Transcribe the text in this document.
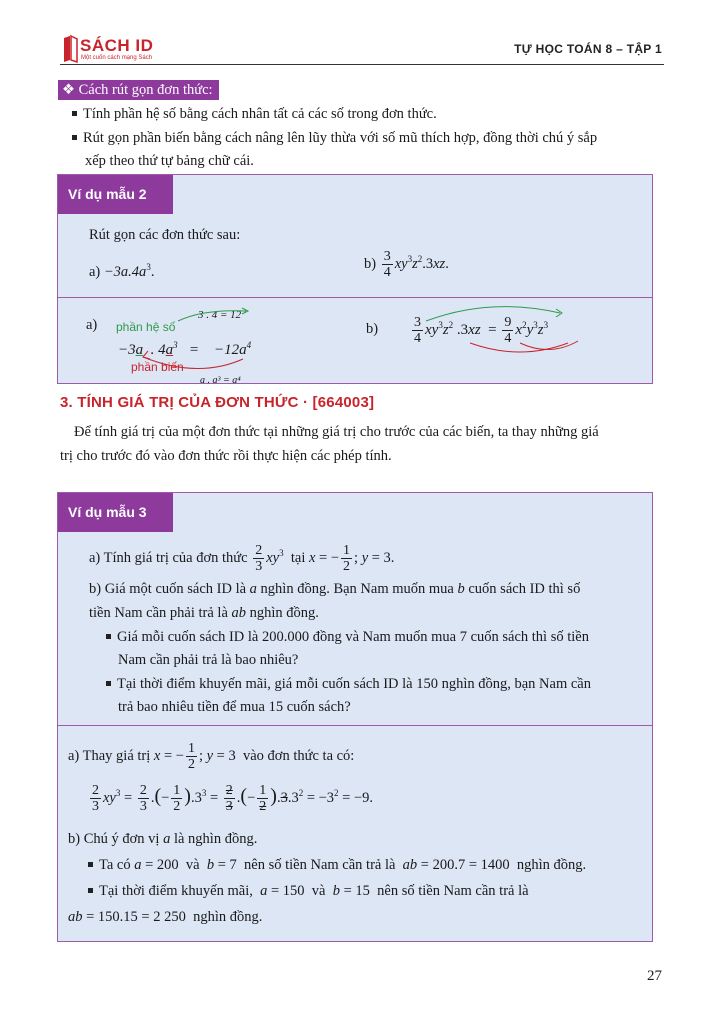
SÁCH ID
Một cuốn cách mạng Sách
TỰ HỌC TOÁN 8 – TẬP 1
❖ Cách rút gọn đơn thức:
Tính phần hệ số bằng cách nhân tất cả các số trong đơn thức.
Rút gọn phần biến bằng cách nâng lên lũy thừa với số mũ thích hợp, đồng thời chú ý sắp
xếp theo thứ tự bảng chữ cái.
Ví dụ mẫu 2
Rút gọn các đơn thức sau:
$a) -3a.4a^3$.	$b) \frac{3}{4} xy^3z^2.3xz$.
a) phần hệ số
3 . 4 = 12
−3a  . $4a^3$   =    $-12a^4$
phần biến
a . a³ = a⁴
$b) \frac{3}{4} xy^3z^2$ $.3xz = \frac{9}{4} x^2y^3z^3$
3. TÍNH GIÁ TRỊ CỦA ĐƠN THỨC · [664003]
Để tính giá trị của một đơn thức tại những giá trị cho trước của các biến, ta thay những giá
trị cho trước đó vào đơn thức rồi thực hiện các phép tính.
Ví dụ mẫu 3
a) Tính giá trị của đơn thức $\frac{2}{3} xy^3$ tại x = − $\frac{1}{2}$ ; y = 3.
b) Giá một cuốn sách ID là a nghìn đồng. Bạn Nam muốn mua b cuốn sách ID thì số
tiền Nam cần phải trả là ab nghìn đồng.
Giá mỗi cuốn sách ID là 200.000 đồng và Nam muốn mua 7 cuốn sách thì số tiền
Nam cần phải trả là bao nhiêu?
Tại thời điểm khuyến mãi, giá mỗi cuốn sách ID là 150 nghìn đồng, bạn Nam cần
trả bao nhiêu tiền để mua 15 cuốn sách?
a) Thay giá trị x = − $\frac{1}{2}$ ; y = 3  vào đơn thức ta có:
$\frac{2}{3} xy^3 = \frac{2}{3}$ .(− $\frac{1}{2} ).3^3 = \frac{2}{3}$ .(− $\frac{1}{2} ).3.3^2 = -3^2 = -9$.
b) Chú ý đơn vị a là nghìn đồng.
Ta có a = 200  và b = 7  nên số tiền Nam cần trả là ab = 200.7 = 1400  nghìn đồng.
Tại thời điểm khuyến mãi, a = 150  và b = 15  nên số tiền Nam cần trả là
ab = 150.15 = 2 250  nghìn đồng.
27
